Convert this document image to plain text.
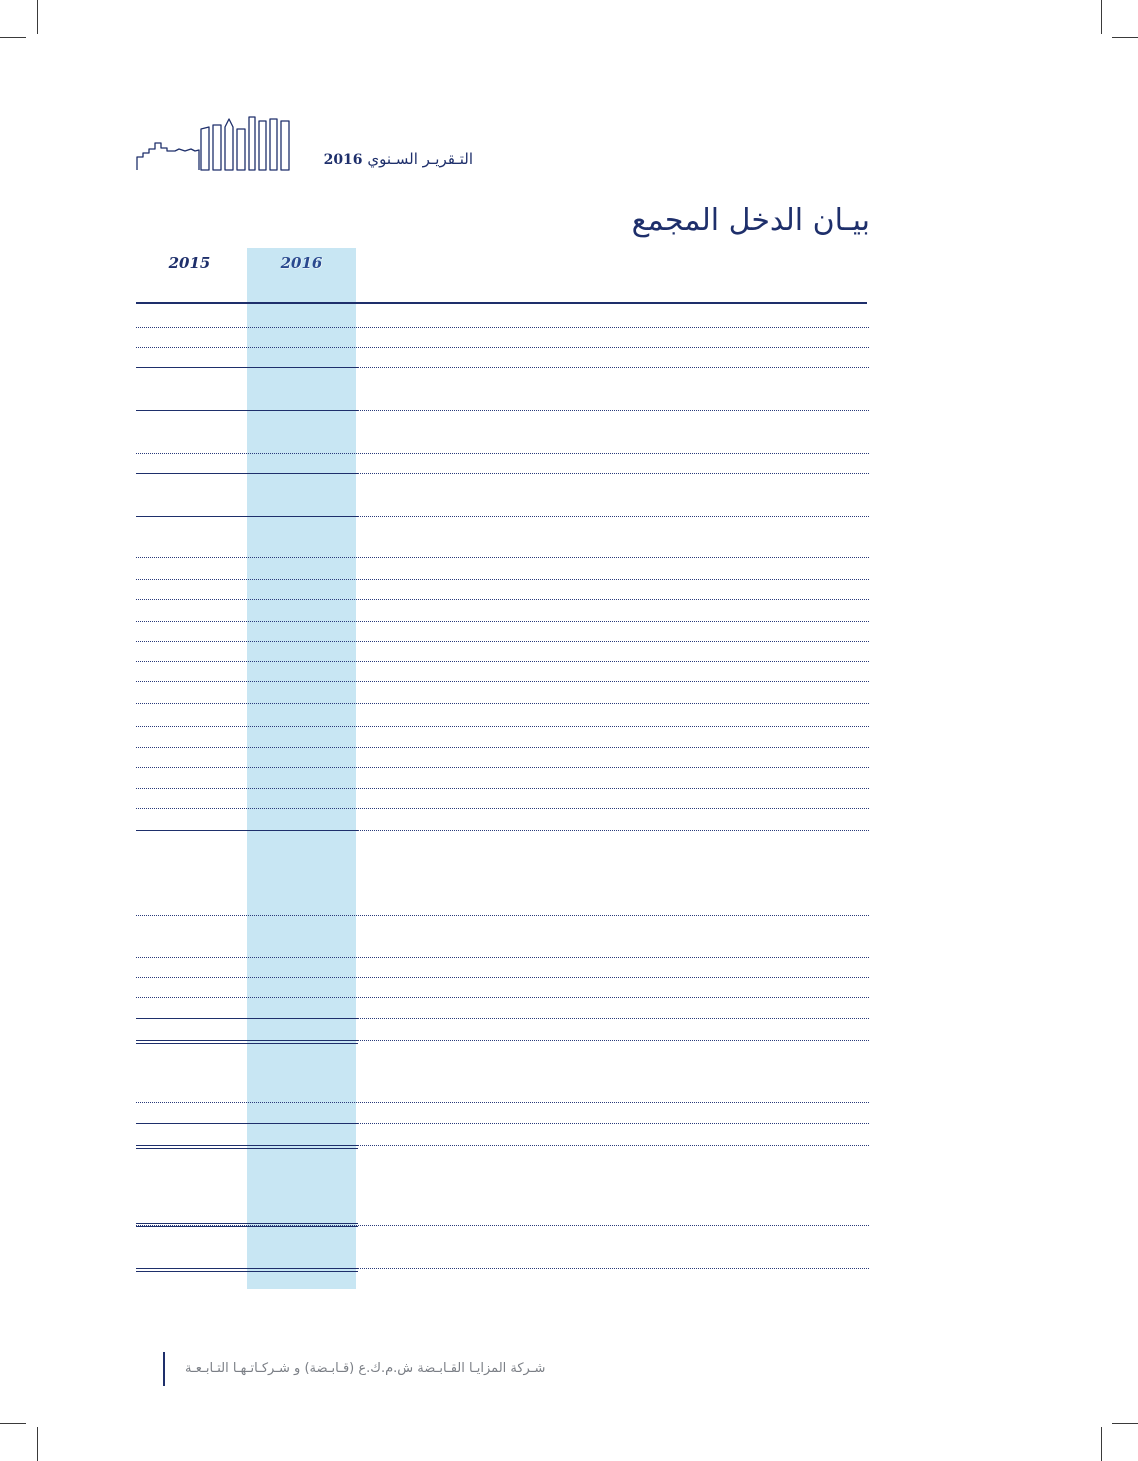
التـقريـر السـنوي 2016
بيـان الدخل المجمع
2015	2016
شـركة المزايـا القـابـضة ش.م.ك.ع (قـابـضة) و شـركـاتـهـا التـابـعـة
